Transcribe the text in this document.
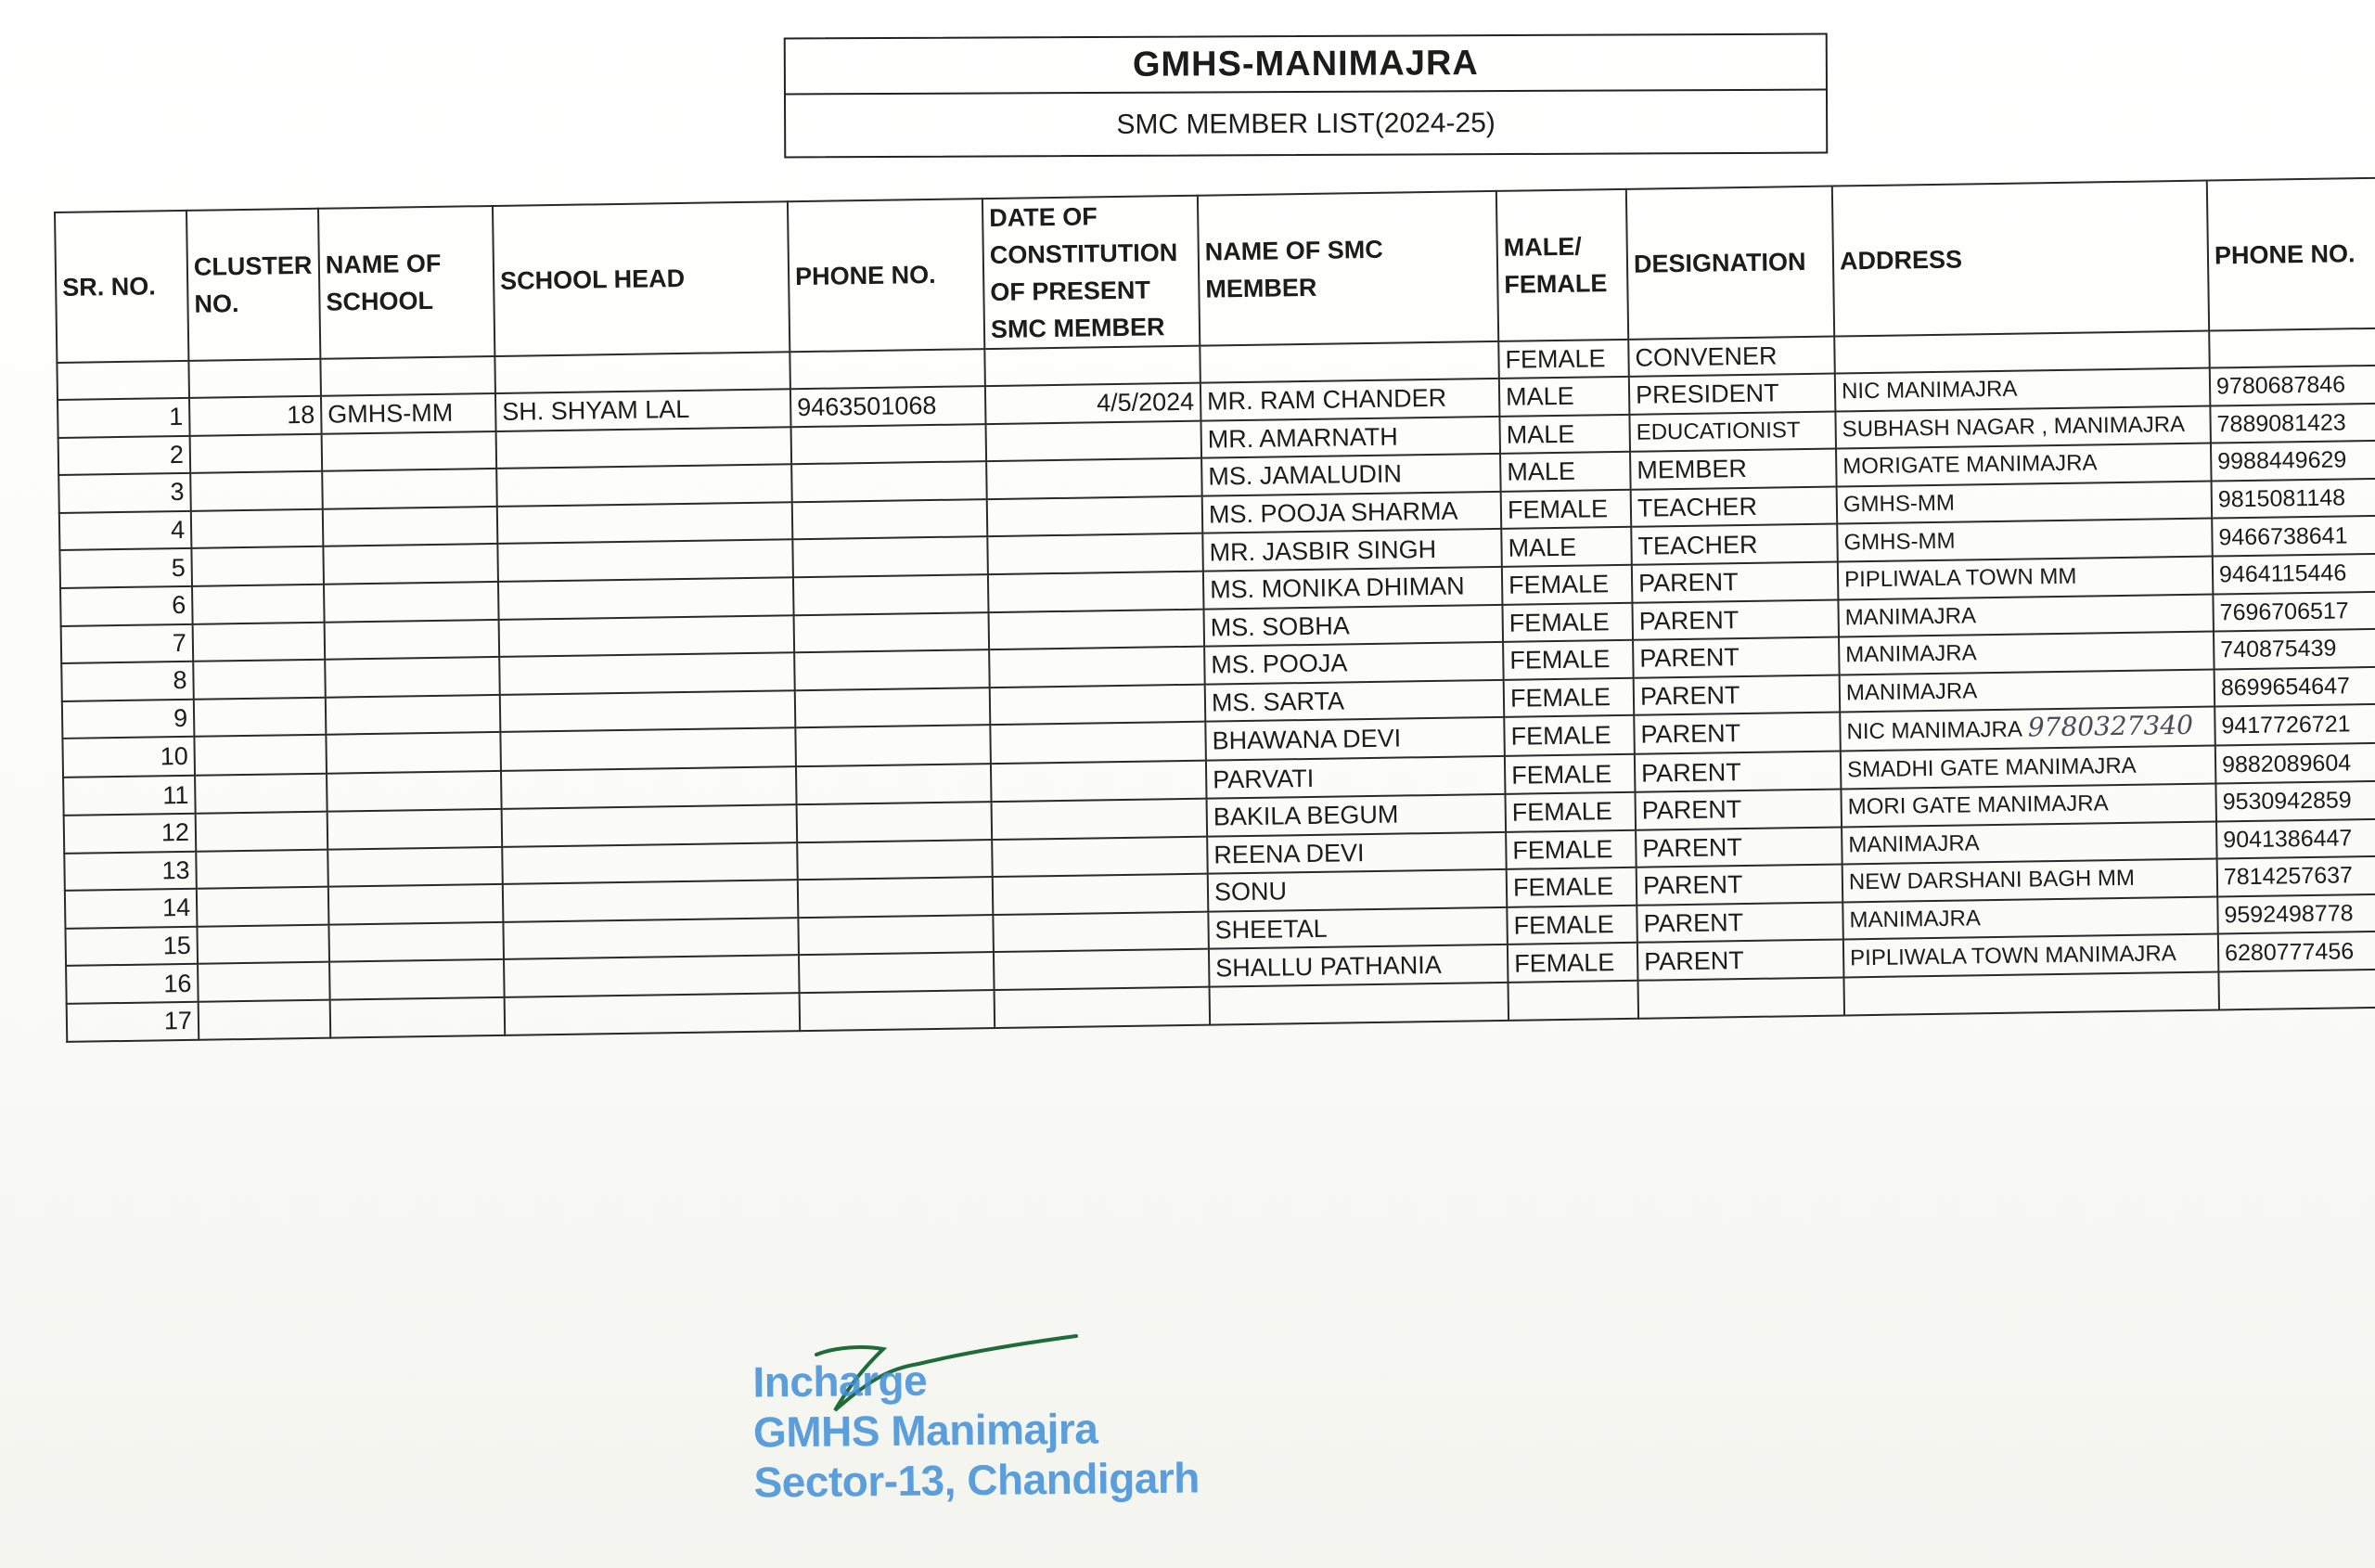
GMHS-MANIMAJRA
SMC MEMBER LIST(2024-25)
SR. NO.	CLUSTER NO.	NAME OF SCHOOL	SCHOOL HEAD	PHONE NO.	DATE OF CONSTITUTION OF PRESENT SMC MEMBER	NAME OF SMC MEMBER	MALE/ FEMALE	DESIGNATION	ADDRESS	PHONE NO.
							FEMALE	CONVENER		
1	18	GMHS-MM	SH. SHYAM LAL	9463501068	4/5/2024	MR. RAM CHANDER	MALE	PRESIDENT	NIC MANIMAJRA	9780687846
2						MR. AMARNATH	MALE	EDUCATIONIST	SUBHASH NAGAR , MANIMAJRA	7889081423
3						MS. JAMALUDIN	MALE	MEMBER	MORIGATE MANIMAJRA	9988449629
4						MS. POOJA SHARMA	FEMALE	TEACHER	GMHS-MM	9815081148
5						MR. JASBIR SINGH	MALE	TEACHER	GMHS-MM	9466738641
6						MS. MONIKA DHIMAN	FEMALE	PARENT	PIPLIWALA TOWN MM	9464115446
7						MS. SOBHA	FEMALE	PARENT	MANIMAJRA	7696706517
8						MS. POOJA	FEMALE	PARENT	MANIMAJRA	740875439
9						MS. SARTA	FEMALE	PARENT	MANIMAJRA	8699654647
10						BHAWANA DEVI	FEMALE	PARENT	NIC MANIMAJRA 9780327340	9417726721
11						PARVATI	FEMALE	PARENT	SMADHI GATE MANIMAJRA	9882089604
12						BAKILA BEGUM	FEMALE	PARENT	MORI GATE MANIMAJRA	9530942859
13						REENA DEVI	FEMALE	PARENT	MANIMAJRA	9041386447
14						SONU	FEMALE	PARENT	NEW DARSHANI BAGH MM	7814257637
15						SHEETAL	FEMALE	PARENT	MANIMAJRA	9592498778
16						SHALLU PATHANIA	FEMALE	PARENT	PIPLIWALA TOWN MANIMAJRA	6280777456
17										
Incharge
GMHS Manimajra
Sector-13, Chandigarh
